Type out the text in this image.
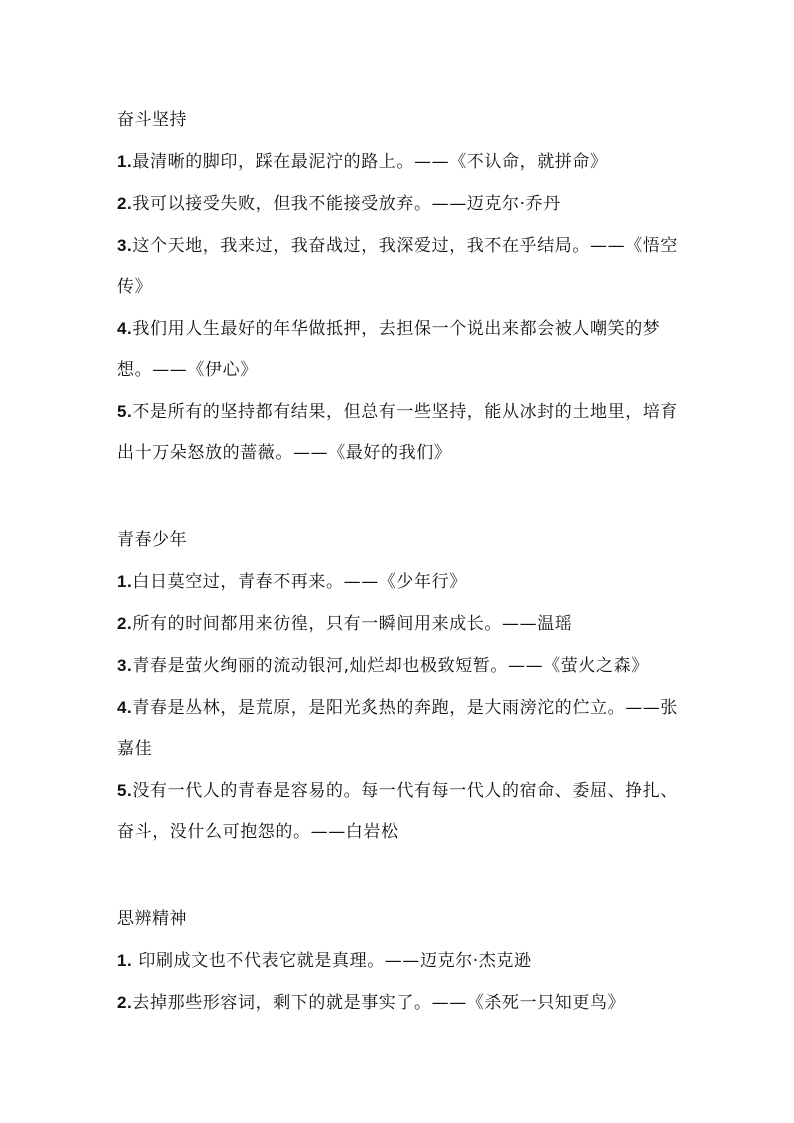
奋斗坚持

1.最清晰的脚印，踩在最泥泞的路上。——《不认命，就拼命》

2.我可以接受失败，但我不能接受放弃。——迈克尔·乔丹

3.这个天地，我来过，我奋战过，我深爱过，我不在乎结局。——《悟空传》

4.我们用人生最好的年华做抵押，去担保一个说出来都会被人嘲笑的梦想。——《伊心》

5.不是所有的坚持都有结果，但总有一些坚持，能从冰封的土地里，培育出十万朵怒放的蔷薇。——《最好的我们》

青春少年

1.白日莫空过，青春不再来。——《少年行》

2.所有的时间都用来彷徨，只有一瞬间用来成长。——温瑶

3.青春是萤火绚丽的流动银河,灿烂却也极致短暂。——《萤火之森》

4.青春是丛林，是荒原，是阳光炙热的奔跑，是大雨滂沱的伫立。——张嘉佳

5.没有一代人的青春是容易的。每一代有每一代人的宿命、委屈、挣扎、奋斗，没什么可抱怨的。——白岩松

思辨精神

1. 印刷成文也不代表它就是真理。——迈克尔·杰克逊

2.去掉那些形容词，剩下的就是事实了。——《杀死一只知更鸟》
